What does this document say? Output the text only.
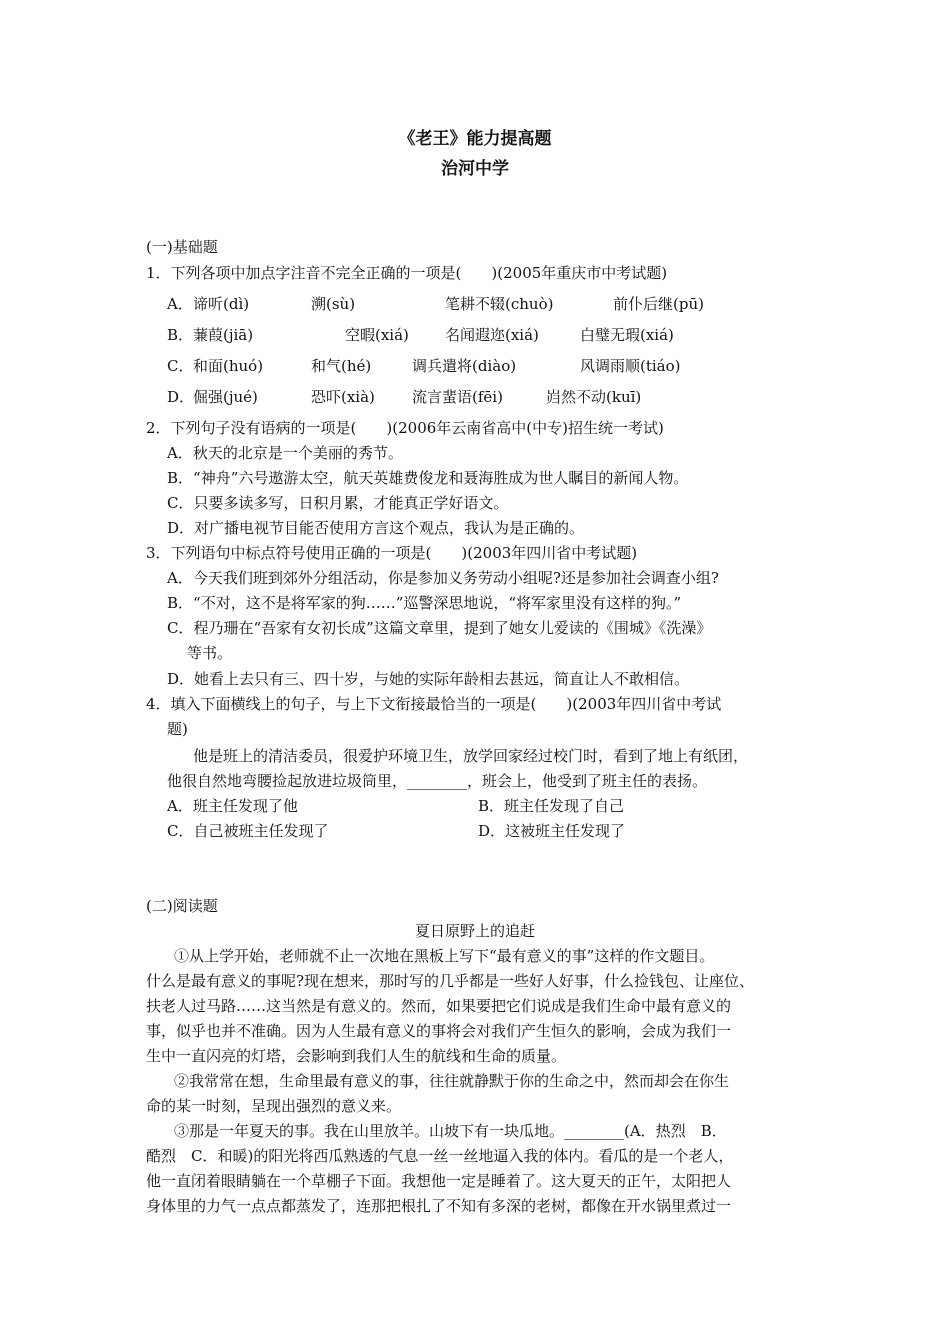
《老王》能力提高题
治河中学
(一)基础题
1．下列各项中加点字注音不完全正确的一项是(　　)(2005年重庆市中考试题)
A． 谛听(dì)	溯(sù)	笔耕不辍(chuò)	前仆后继(pū)
B． 蒹葭(jiā)	空暇(xiá) 名闻遐迩(xiá)	白璧无瑕(xiá)
C． 和面(huó)	和气(hé)	调兵遣将(diào)	风调雨顺(tiáo)
D．
倔强(jué)	恐吓(xià) 流言蜚语(fēi)	岿然不动(kuī)
2．下列句子没有语病的一项是(　　)(2006年云南省高中(中专)招生统一考试)
A．秋天的北京是一个美丽的秀节。
B．“神舟”六号遨游太空，航天英雄费俊龙和聂海胜成为世人瞩目的新闻人物。
C．只要多读多写，日积月累，才能真正学好语文。
D．对广播电视节目能否使用方言这个观点，我认为是正确的。
3．下列语句中标点符号使用正确的一项是(　　)(2003年四川省中考试题)
A．今天我们班到郊外分组活动，你是参加义务劳动小组呢?还是参加社会调查小组?
B．“不对，这不是将军家的狗……”巡警深思地说，“将军家里没有这样的狗。”
C．程乃珊在“吾家有女初长成”这篇文章里，提到了她女儿爱读的《围城》《洗澡》
等书。
D．她看上去只有三、四十岁，与她的实际年龄相去甚远，简直让人不敢相信。
4．填入下面横线上的句子，与上下文衔接最恰当的一项是(　　)(2003年四川省中考试
题)
他是班上的清洁委员，很爱护环境卫生，放学回家经过校门时，看到了地上有纸团，
他很自然地弯腰捡起放进垃圾筒里，________，班会上，他受到了班主任的表扬。
A．班主任发现了他	B．班主任发现了自己
C．自己被班主任发现了	D．这被班主任发现了
(二)阅读题
夏日原野上的追赶
①从上学开始，老师就不止一次地在黑板上写下“最有意义的事”这样的作文题目。
什么是最有意义的事呢?现在想来，那时写的几乎都是一些好人好事，什么捡钱包、让座位、
扶老人过马路……这当然是有意义的。然而，如果要把它们说成是我们生命中最有意义的
事，似乎也并不准确。因为人生最有意义的事将会对我们产生恒久的影响，会成为我们一
生中一直闪亮的灯塔，会影响到我们人生的航线和生命的质量。
②我常常在想，生命里最有意义的事，往往就静默于你的生命之中，然而却会在你生
命的某一时刻，呈现出强烈的意义来。
③那是一年夏天的事。我在山里放羊。山坡下有一块瓜地。________(A．热烈　B．
酷烈　C．和暖)的阳光将西瓜熟透的气息一丝一丝地逼入我的体内。看瓜的是一个老人，
他一直闭着眼睛躺在一个草棚子下面。我想他一定是睡着了。这大夏天的正午，太阳把人
身体里的力气一点点都蒸发了，连那把根扎了不知有多深的老树，都像在开水锅里煮过一
